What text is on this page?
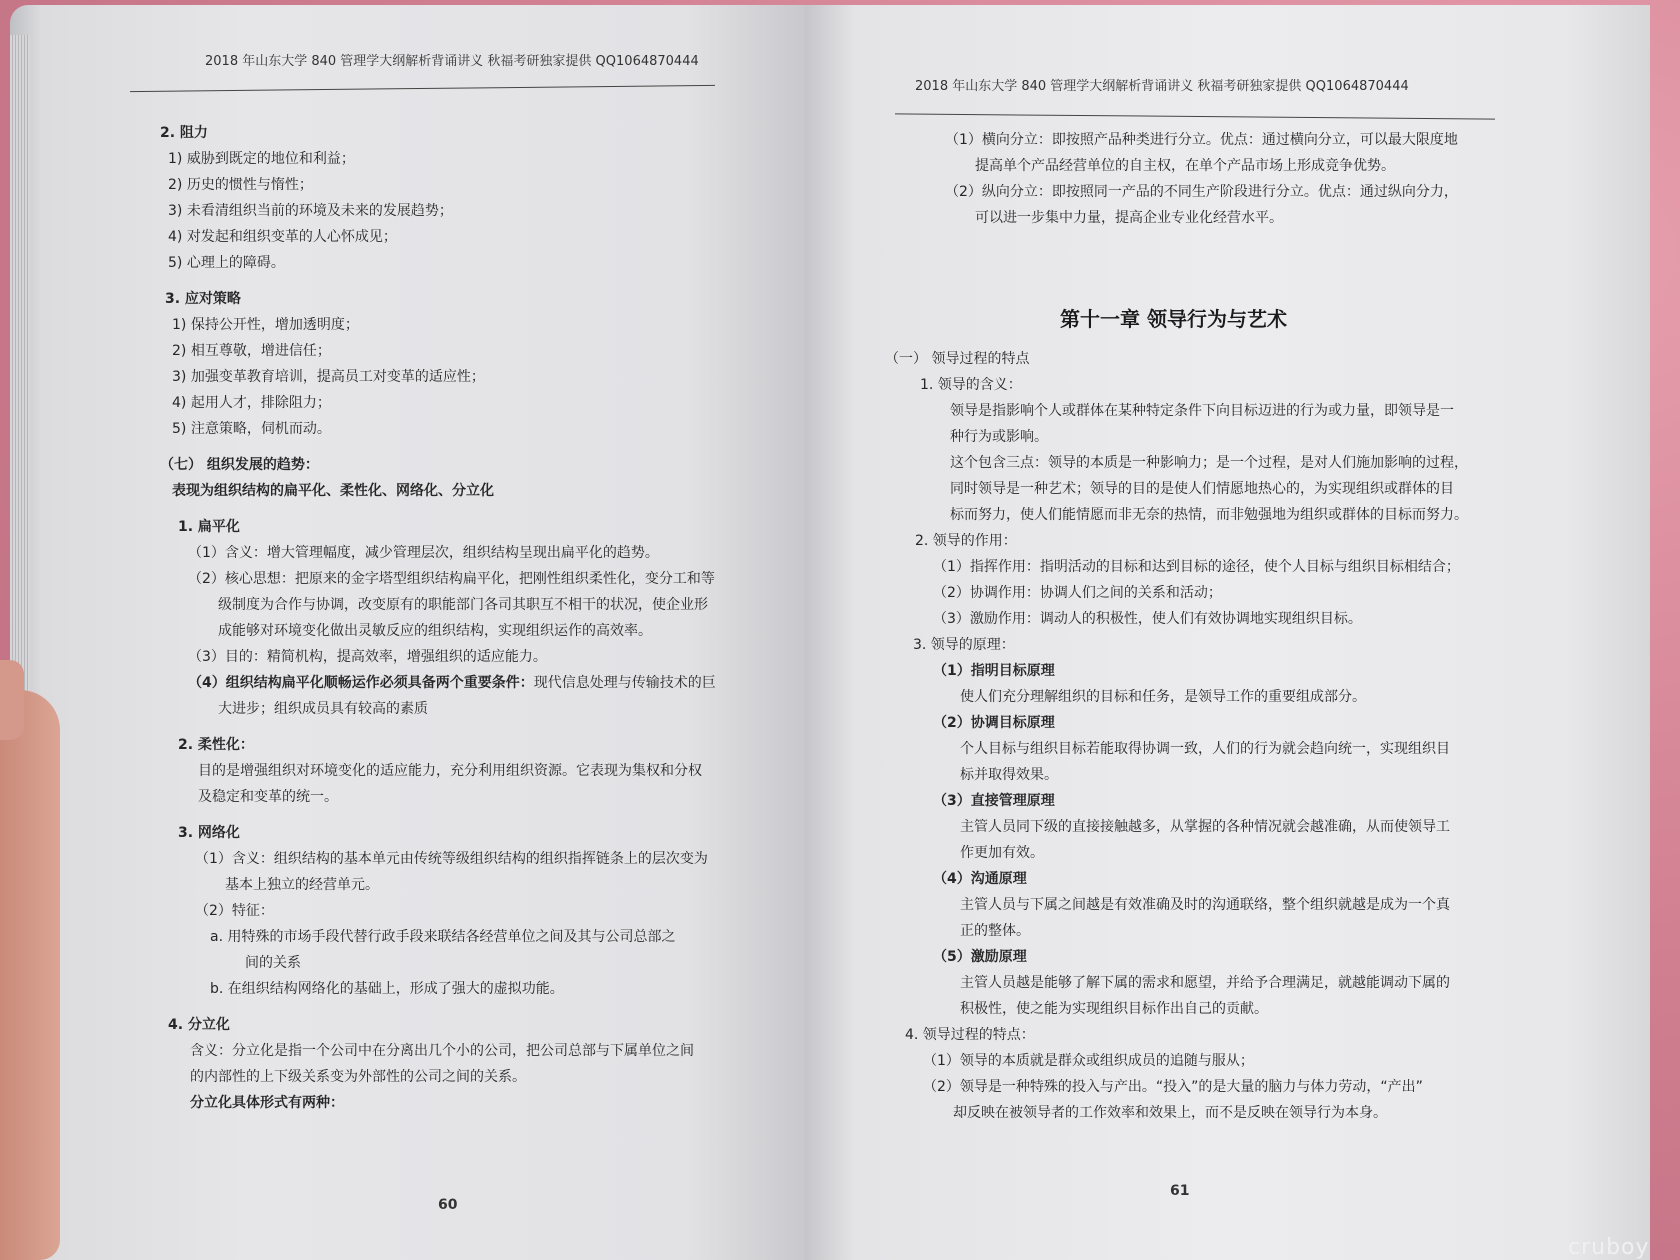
2018 年山东大学 840 管理学大纲解析背诵讲义 秋福考研独家提供 QQ1064870444
2. 阻力
1) 威胁到既定的地位和利益；
2) 历史的惯性与惰性；
3) 未看清组织当前的环境及未来的发展趋势；
4) 对发起和组织变革的人心怀成见；
5) 心理上的障碍。
3. 应对策略
1) 保持公开性，增加透明度；
2) 相互尊敬，增进信任；
3) 加强变革教育培训，提高员工对变革的适应性；
4) 起用人才，排除阻力；
5) 注意策略，伺机而动。
（七） 组织发展的趋势：
表现为组织结构的扁平化、柔性化、网络化、分立化
1. 扁平化
（1）含义：增大管理幅度，减少管理层次，组织结构呈现出扁平化的趋势。
（2）核心思想：把原来的金字塔型组织结构扁平化，把刚性组织柔性化，变分工和等
级制度为合作与协调，改变原有的职能部门各司其职互不相干的状况，使企业形
成能够对环境变化做出灵敏反应的组织结构，实现组织运作的高效率。
（3）目的：精简机构，提高效率，增强组织的适应能力。
（4）组织结构扁平化顺畅运作必须具备两个重要条件：现代信息处理与传输技术的巨
大进步；组织成员具有较高的素质
2. 柔性化：
目的是增强组织对环境变化的适应能力，充分利用组织资源。它表现为集权和分权
及稳定和变革的统一。
3. 网络化
（1）含义：组织结构的基本单元由传统等级组织结构的组织指挥链条上的层次变为
基本上独立的经营单元。
（2）特征：
a. 用特殊的市场手段代替行政手段来联结各经营单位之间及其与公司总部之
间的关系
b. 在组织结构网络化的基础上，形成了强大的虚拟功能。
4. 分立化
含义：分立化是指一个公司中在分离出几个小的公司，把公司总部与下属单位之间
的内部性的上下级关系变为外部性的公司之间的关系。
分立化具体形式有两种：
60
2018 年山东大学 840 管理学大纲解析背诵讲义 秋福考研独家提供 QQ1064870444
（1）横向分立：即按照产品种类进行分立。优点：通过横向分立，可以最大限度地
提高单个产品经营单位的自主权，在单个产品市场上形成竞争优势。
（2）纵向分立：即按照同一产品的不同生产阶段进行分立。优点：通过纵向分力，
可以进一步集中力量，提高企业专业化经营水平。
第十一章 领导行为与艺术
（一） 领导过程的特点
1. 领导的含义：
领导是指影响个人或群体在某种特定条件下向目标迈进的行为或力量，即领导是一
种行为或影响。
这个包含三点：领导的本质是一种影响力；是一个过程，是对人们施加影响的过程，
同时领导是一种艺术；领导的目的是使人们情愿地热心的，为实现组织或群体的目
标而努力，使人们能情愿而非无奈的热情，而非勉强地为组织或群体的目标而努力。
2. 领导的作用：
（1）指挥作用：指明活动的目标和达到目标的途径，使个人目标与组织目标相结合；
（2）协调作用：协调人们之间的关系和活动；
（3）激励作用：调动人的积极性，使人们有效协调地实现组织目标。
3. 领导的原理：
（1）指明目标原理
使人们充分理解组织的目标和任务，是领导工作的重要组成部分。
（2）协调目标原理
个人目标与组织目标若能取得协调一致，人们的行为就会趋向统一，实现组织目
标并取得效果。
（3）直接管理原理
主管人员同下级的直接接触越多，从掌握的各种情况就会越准确，从而使领导工
作更加有效。
（4）沟通原理
主管人员与下属之间越是有效准确及时的沟通联络，整个组织就越是成为一个真
正的整体。
（5）激励原理
主管人员越是能够了解下属的需求和愿望，并给予合理满足，就越能调动下属的
积极性，使之能为实现组织目标作出自己的贡献。
4. 领导过程的特点：
（1）领导的本质就是群众或组织成员的追随与服从；
（2）领导是一种特殊的投入与产出。“投入”的是大量的脑力与体力劳动，“产出”
却反映在被领导者的工作效率和效果上，而不是反映在领导行为本身。
61
cruboy
